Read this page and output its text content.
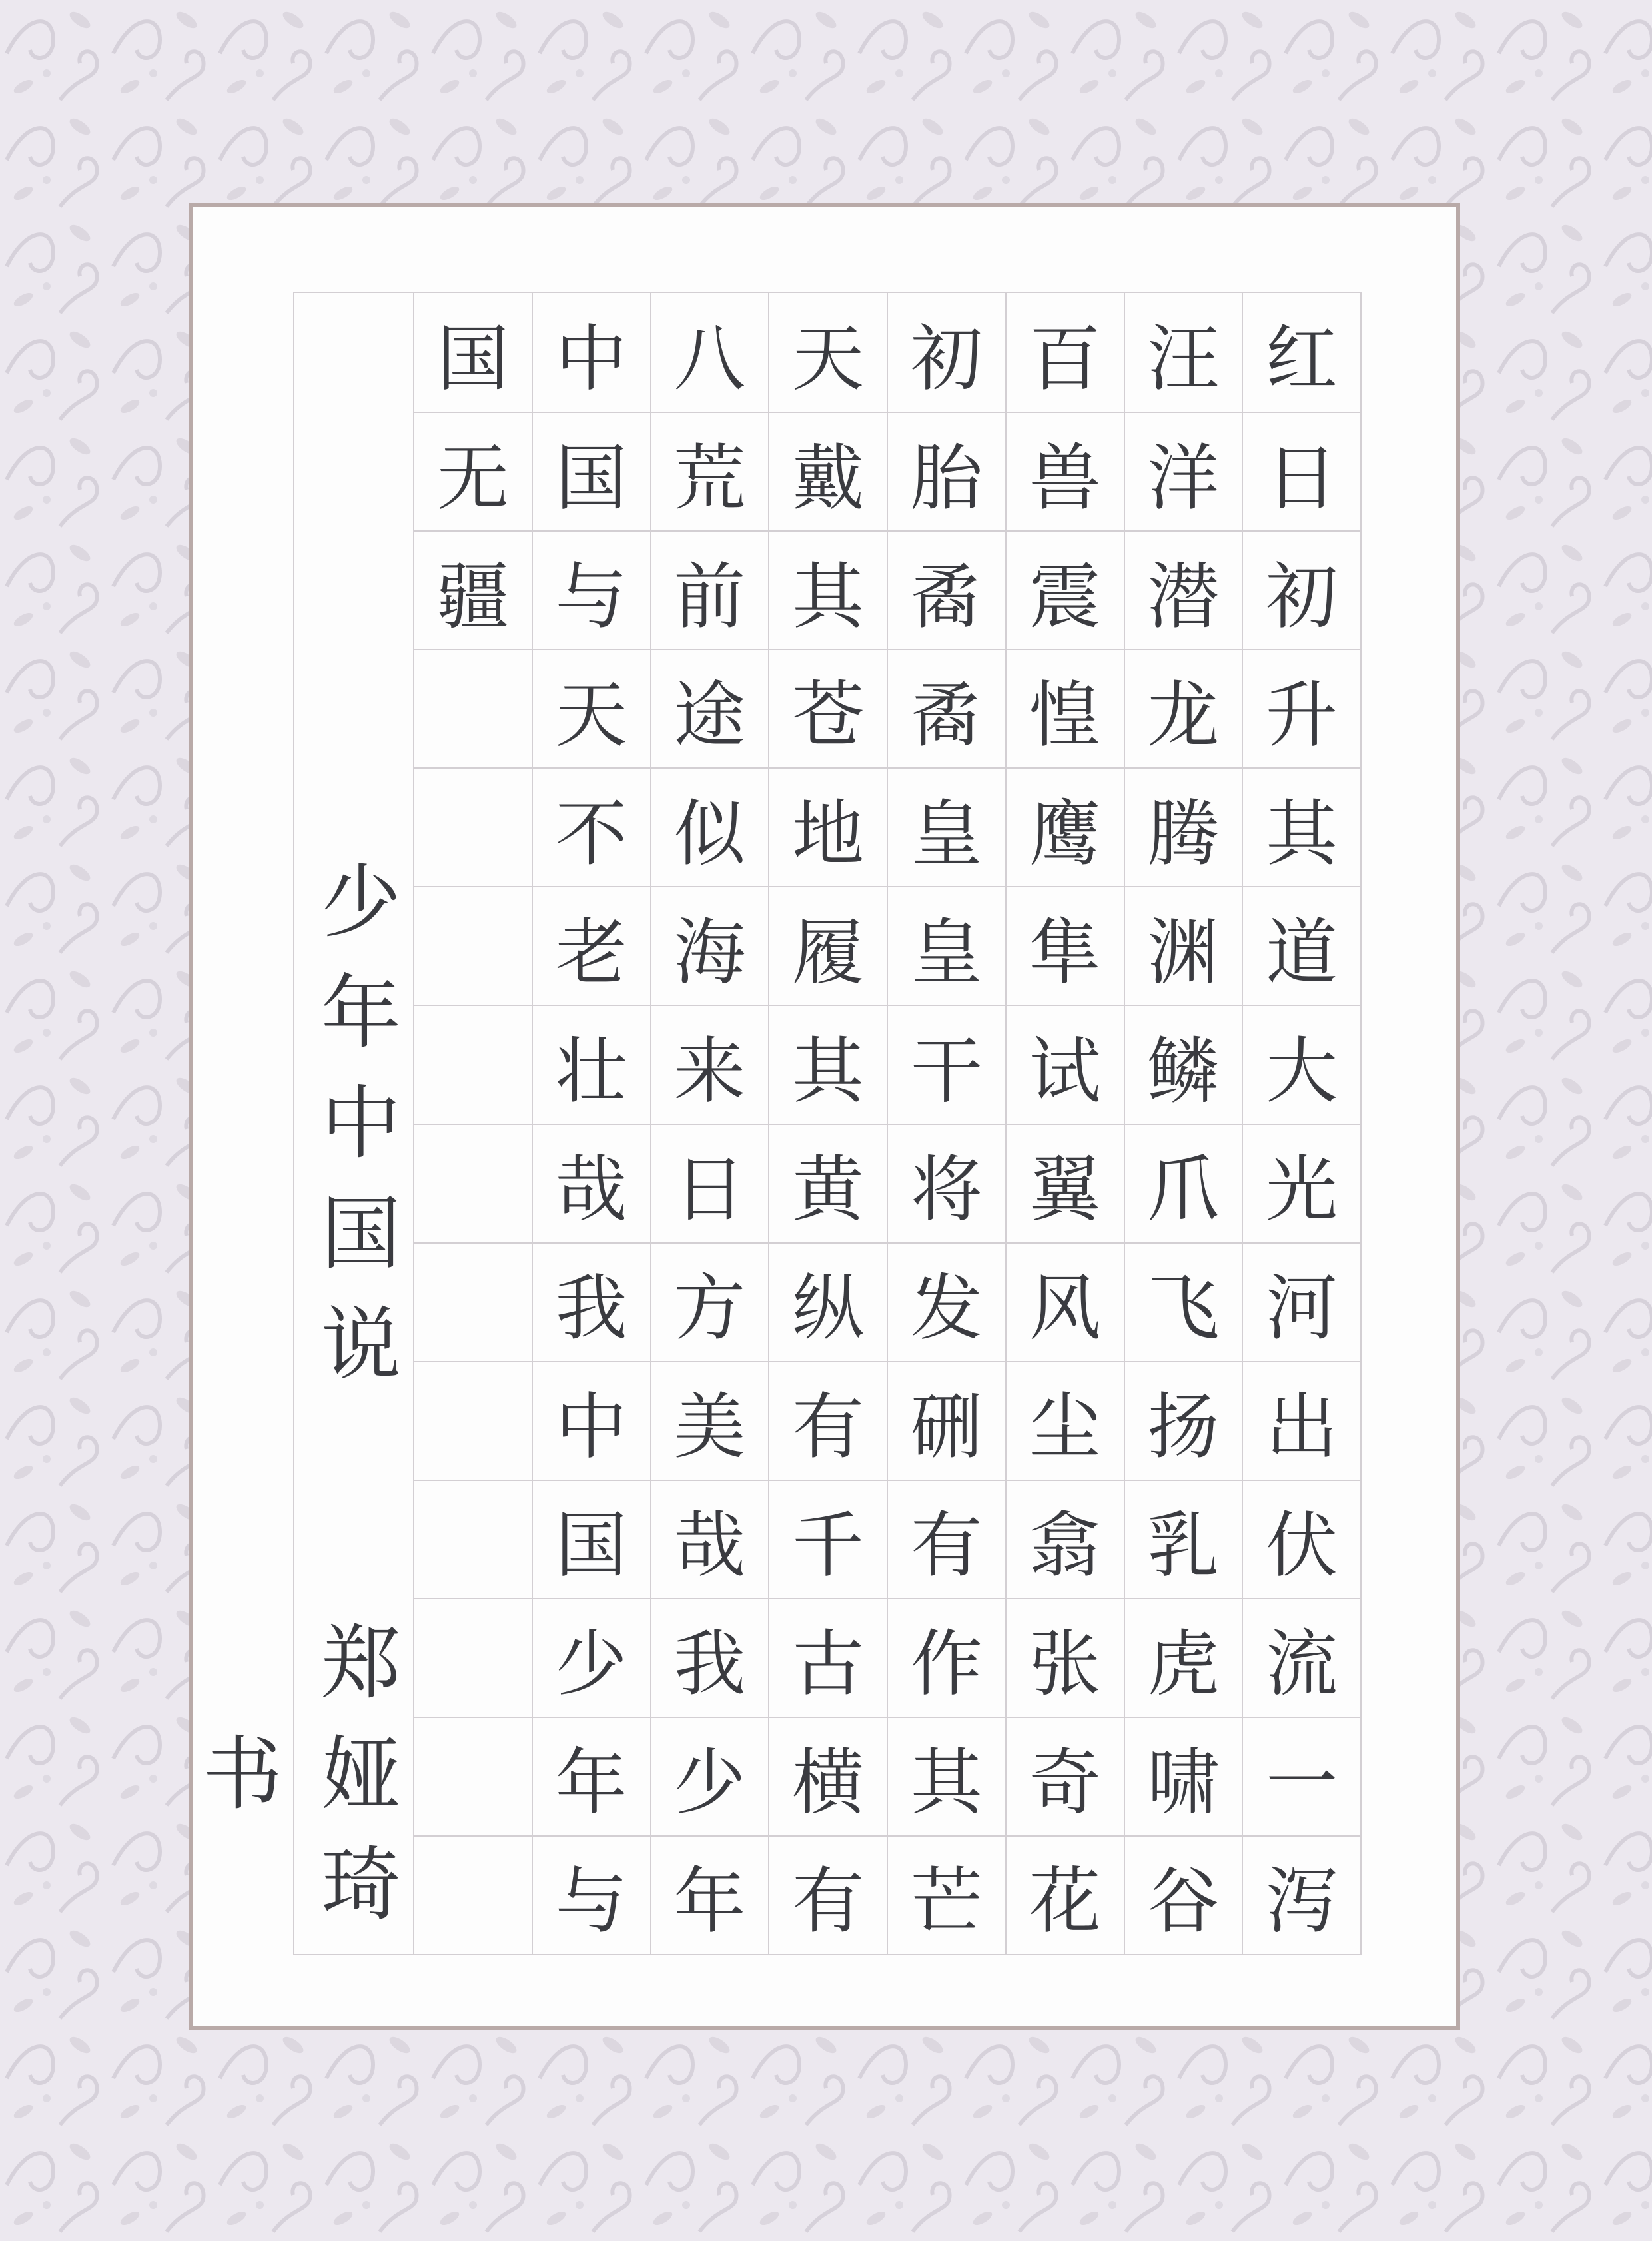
少年中国说
郑娅琦书
红
日
初
升
其
道
大
光
河
出
伏
流
一
泻
汪
洋
潜
龙
腾
渊
鳞
爪
飞
扬
乳
虎
啸
谷
百
兽
震
惶
鹰
隼
试
翼
风
尘
翕
张
奇
花
初
胎
矞
矞
皇
皇
干
将
发
硎
有
作
其
芒
天
戴
其
苍
地
履
其
黄
纵
有
千
古
横
有
八
荒
前
途
似
海
来
日
方
美
哉
我
少
年
中
国
与
天
不
老
壮
哉
我
中
国
少
年
与
国
无
疆
